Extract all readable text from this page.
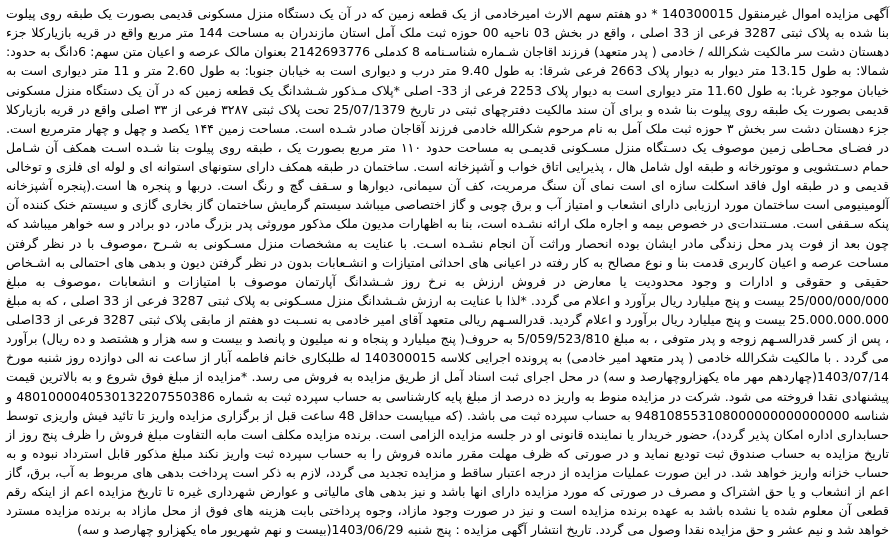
آگهی مزایده اموال غیرمنقول 140300015 * دو هفتم سهم الارث امیرخادمی از یک قطعه زمین که در آن یک دستگاه منزل مسکونی قدیمی بصورت یک طبقه روی پیلوت بنا شده به پلاک ثبتی 3287 فرعی از 33 اصلی ، واقع در بخش 03 ناحیه 00 حوزه ثبت ملک آمل استان مازندران به مساحت 144 متر مربع واقع در قریه بازیارکلا جزء دهستان دشت سر مالکیت شکرالله / خادمی ( پدر متعهد) فرزند اقاجان شـماره شناسـنامه 8 کدملی 2142693776 بعنوان مالک عرصه و اعیان متن سهم: 6دانگ به حدود: شمالا: به طول 13.15 متر دیوار به دیوار پلاک 2663 فرعی شرقا: به طول 9.40 متر درب و دیواری است به خیابان جنوبا: به طول 2.60 متر و 11 متر دیواری است به خیابان موجود غربا: به طول 11.60 متر دیواری است به دیوار پلاک 2253 فرعی از 33- اصلی *پلاک مـذکور شـشدانگ یک قطعه زمین که در آن یک دستگاه منزل مسکونی قدیمی بصورت یک طبقه روی پیلوت بنا شده و برای آن سند مالکیت دفترچهای ثبتی در تاریخ 25/07/1379 تحت پلاک ثبتی ۳۲۸۷ فرعی از ۳۳ اصلی واقع در قریه بازیارکلا جزء دهستان دشت سر بخش ۳ حوزه ثبت ملک آمل به نام مرحوم شکرالله خادمی فرزند آقاجان صادر شـده است. مساحت زمین ۱۴۴ یکصد و چهل و چهار مترمربع است. در فضـای محـاطی زمین موصوف یک دسـتگاه منزل مسـکونی قدیمـی به مساحت حدود ۱۱۰ متر مربع بصورت یک ، طبقه روی پیلوت بنا شـده اسـت همکف آن شـامل حمام دسـتشویی و موتورخانه و طبقه اول شامل هال ، پذیرایی اتاق خواب و آشپزخانه است. ساختمان در طبقه همکف دارای ستونهای استوانه ای و لوله ای فلزی و توخالی قدیمی و در طبقه اول فاقد اسکلت سازه ای است نمای آن سنگ مرمریت، کف آن سیمانی، دیوارها و سـقف گچ و رنگ است. دربها و پنجره ها است.(پنجره آشپزخانه آلومینیومی است ساختمان مورد ارزیابی دارای انشعاب و امتیاز آب و برق چوبی و گاز اختصاصی میباشد سیستم گرمایش ساختمان گاز بخاری گازی و سیستم خنک کننده آن پنکه سـقفی است. مسـتندات‌ی در خصوص بیمه و اجاره ملک ارائه نشـده است، بنا به اظهارات مدیون ملک مذکور موروثی پدر بزرگ مادر، دو برادر و سه خواهر میباشد که چون بعد از فوت پدر محل زندگی مادر ایشان بوده انحصار وراثت آن انجام نشـده اسـت. با عنایت به مشخصات منزل مسـکونی به شـرح ،موصوف با در نظر گرفتن مساحت عرصه و اعیان کاربری قدمت بنا و نوع مصالح به کار رفته در اعیانی های احداثی امتیازات و انشـعابات بدون در نظر گرفتن دیون و بدهی های احتمالی به اشـخاص حقیقی و حقوقی و ادارات و وجود محدودیت یا معارض در فروش ارزش به نرخ روز شـشدانگ آپارتمان موصوف با امتیازات و انشعابات ،موصوف به مبلغ 25/000/000/000 بیست و پنج میلیارد ریال برآورد و اعلام می گردد. *لذا با عنایت به ارزش شـشدانگ منزل مسـکونی به پلاک ثبتی 3287 فرعی از 33 اصلی ، که به مبلغ 25.000.000.000 بیست و پنج میلیارد ریال برآورد و اعلام گردید. قدرالسـهم ریالی متعهد آقای امیر خادمی به نسـبت دو هفتم از مابقی پلاک ثبتی 3287 فرعی از 33اصلی ، پس از کسر قدرالسـهم زوجه و پدر متوفی ، به مبلغ 5/059/523/810 به حروف( پنج میلیارد و پنجاه و نه میلیون و پانصد و بیست و سه هزار و هشتصد و ده ریال) برآورد می گردد . با مالکیت شکرالله خادمی ( پدر متعهد امیر خادمی) به پرونده اجرایی کلاسه 140300015 له طلبکاری خانم فاطمه آبار از ساعت نه الی دوازده روز شنبه مورخ 1403/07/14(چهاردهم مهر ماه یکهزاروچهارصد و سه) در محل اجرای ثبت اسناد آمل از طریق مزایده به فروش می رسد. *مزایده از مبلغ فوق شروع و به بالاترین قیمت پیشنهادی نقدا فروخته می شود. شرکت در مزایده منوط به واریز ده درصد از مبلغ پایه کارشناسی به حساب سپرده ثبت به شماره 4801000040530132207550386 و شناسه 948108553108000000000000000 به حساب سپرده ثبت می باشد. (که میبایست حداقل 48 ساعت قبل از برگزاری مزایده واریز تا تائید فیش واریزی توسط حسابداری اداره امکان پذیر گردد)، حضور خریدار یا نماینده قانونی او در جلسه مزایده الزامی است. برنده مزایده مکلف است مابه التفاوت مبلغ فروش را ظرف پنج روز از تاریخ مزایده به حساب صندوق ثبت تودیع نماید و در صورتی که ظرف مهلت مقرر مانده فروش را به حساب سپرده ثبت واریز نکند مبلغ مذکور قابل استرداد نبوده و به حساب خزانه واریز خواهد شد. در این صورت عملیات مزایده از درجه اعتبار ساقط و مزایده تجدید می گردد، لازم به ذکر است پرداخت بدهی های مربوط به آب، برق، گاز اعم از انشعاب و یا حق اشتراک و مصرف در صورتی که مورد مزایده دارای انها باشد و نیز بدهی های مالیاتی و عوارض شهرداری غیره تا تاریخ مزایده اعم از اینکه رقم قطعی آن معلوم شده یا نشده باشد به عهده برنده مزایده است و نیز در صورت وجود مازاد، وجوه پرداختی بابت هزینه های فوق از محل مازاد به برنده مزایده مسترد خواهد شد و نیم عشر و حق مزایده نقدا وصول می گردد. تاریخ انتشار آگهی مزایده : پنج شنبه 1403/06/29(بیست و نهم شهریور ماه یکهزارو چهارصد و سه)
